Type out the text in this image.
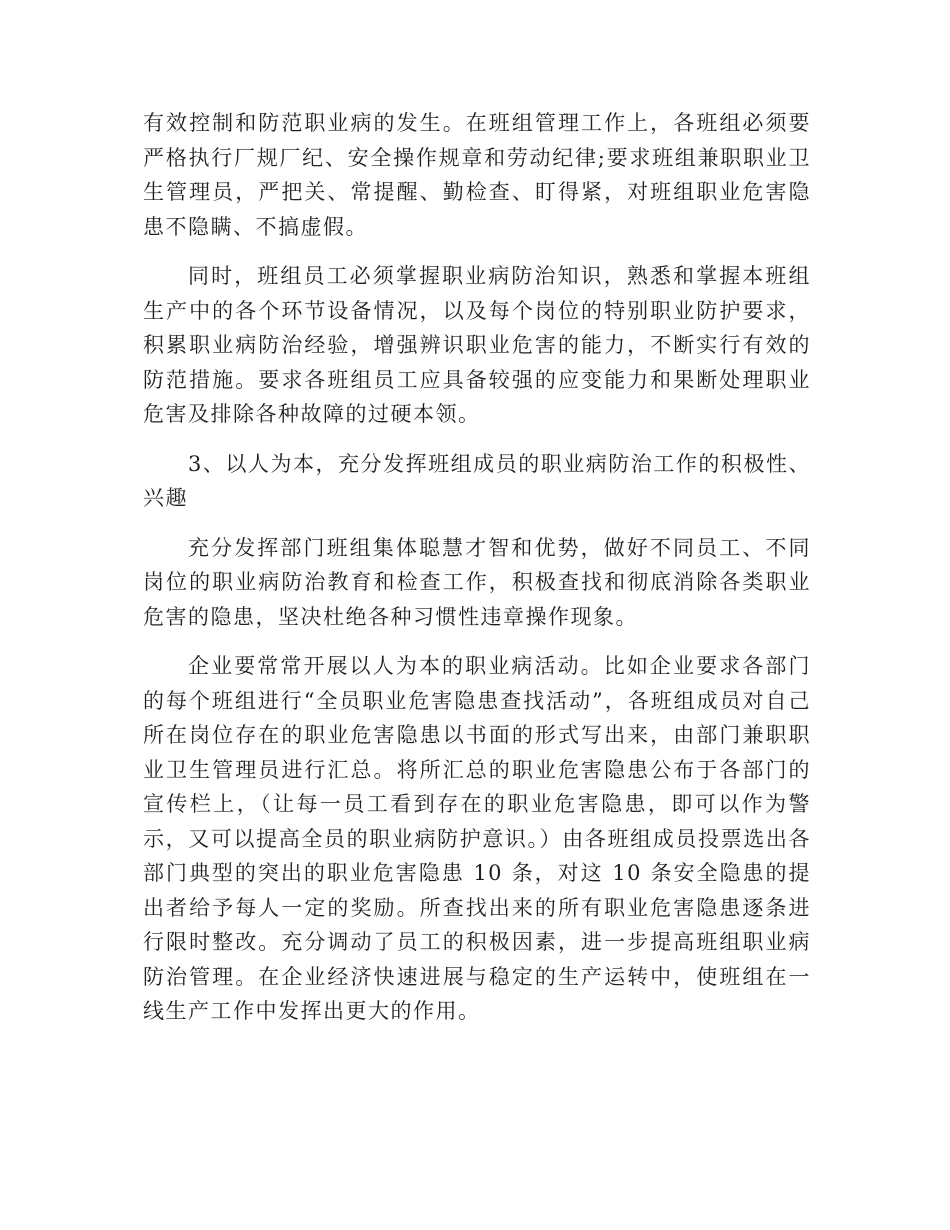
有效控制和防范职业病的发生。在班组管理工作上，各班组必须要严格执行厂规厂纪、安全操作规章和劳动纪律;要求班组兼职职业卫生管理员，严把关、常提醒、勤检查、盯得紧，对班组职业危害隐患不隐瞒、不搞虚假。

同时，班组员工必须掌握职业病防治知识，熟悉和掌握本班组生产中的各个环节设备情况，以及每个岗位的特别职业防护要求，积累职业病防治经验，增强辨识职业危害的能力，不断实行有效的防范措施。要求各班组员工应具备较强的应变能力和果断处理职业危害及排除各种故障的过硬本领。

3、以人为本，充分发挥班组成员的职业病防治工作的积极性、兴趣

充分发挥部门班组集体聪慧才智和优势，做好不同员工、不同岗位的职业病防治教育和检查工作，积极查找和彻底消除各类职业危害的隐患，坚决杜绝各种习惯性违章操作现象。

企业要常常开展以人为本的职业病活动。比如企业要求各部门的每个班组进行“全员职业危害隐患查找活动”，各班组成员对自己所在岗位存在的职业危害隐患以书面的形式写出来，由部门兼职职业卫生管理员进行汇总。将所汇总的职业危害隐患公布于各部门的宣传栏上，（让每一员工看到存在的职业危害隐患，即可以作为警示，又可以提高全员的职业病防护意识。）由各班组成员投票选出各部门典型的突出的职业危害隐患 10 条，对这 10 条安全隐患的提出者给予每人一定的奖励。所查找出来的所有职业危害隐患逐条进行限时整改。充分调动了员工的积极因素，进一步提高班组职业病防治管理。在企业经济快速进展与稳定的生产运转中，使班组在一线生产工作中发挥出更大的作用。
